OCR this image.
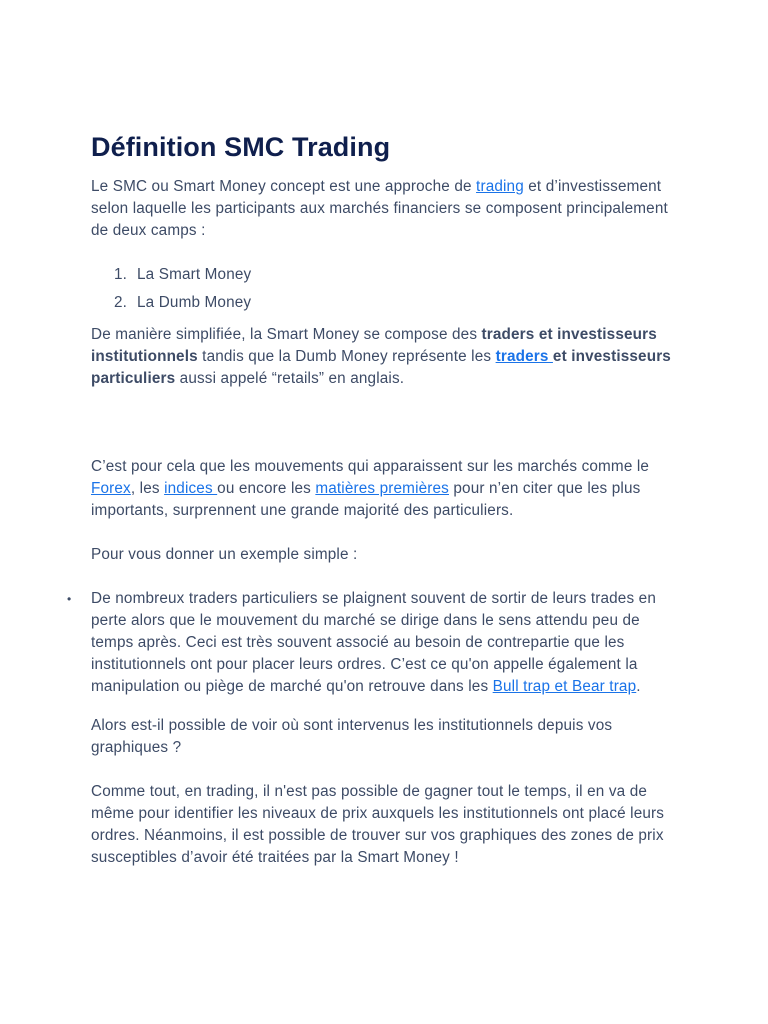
Définition SMC Trading

Le SMC ou Smart Money concept est une approche de trading et d’investissement selon laquelle les participants aux marchés financiers se composent principalement de deux camps :

1. La Smart Money
2. La Dumb Money

De manière simplifiée, la Smart Money se compose des traders et investisseurs institutionnels tandis que la Dumb Money représente les traders et investisseurs particuliers aussi appelé “retails” en anglais.

C’est pour cela que les mouvements qui apparaissent sur les marchés comme le Forex, les indices ou encore les matières premières pour n’en citer que les plus importants, surprennent une grande majorité des particuliers.

Pour vous donner un exemple simple :

• De nombreux traders particuliers se plaignent souvent de sortir de leurs trades en perte alors que le mouvement du marché se dirige dans le sens attendu peu de temps après. Ceci est très souvent associé au besoin de contrepartie que les institutionnels ont pour placer leurs ordres. C’est ce qu'on appelle également la manipulation ou piège de marché qu'on retrouve dans les Bull trap et Bear trap.

Alors est-il possible de voir où sont intervenus les institutionnels depuis vos graphiques ?

Comme tout, en trading, il n'est pas possible de gagner tout le temps, il en va de même pour identifier les niveaux de prix auxquels les institutionnels ont placé leurs ordres. Néanmoins, il est possible de trouver sur vos graphiques des zones de prix susceptibles d’avoir été traitées par la Smart Money !
